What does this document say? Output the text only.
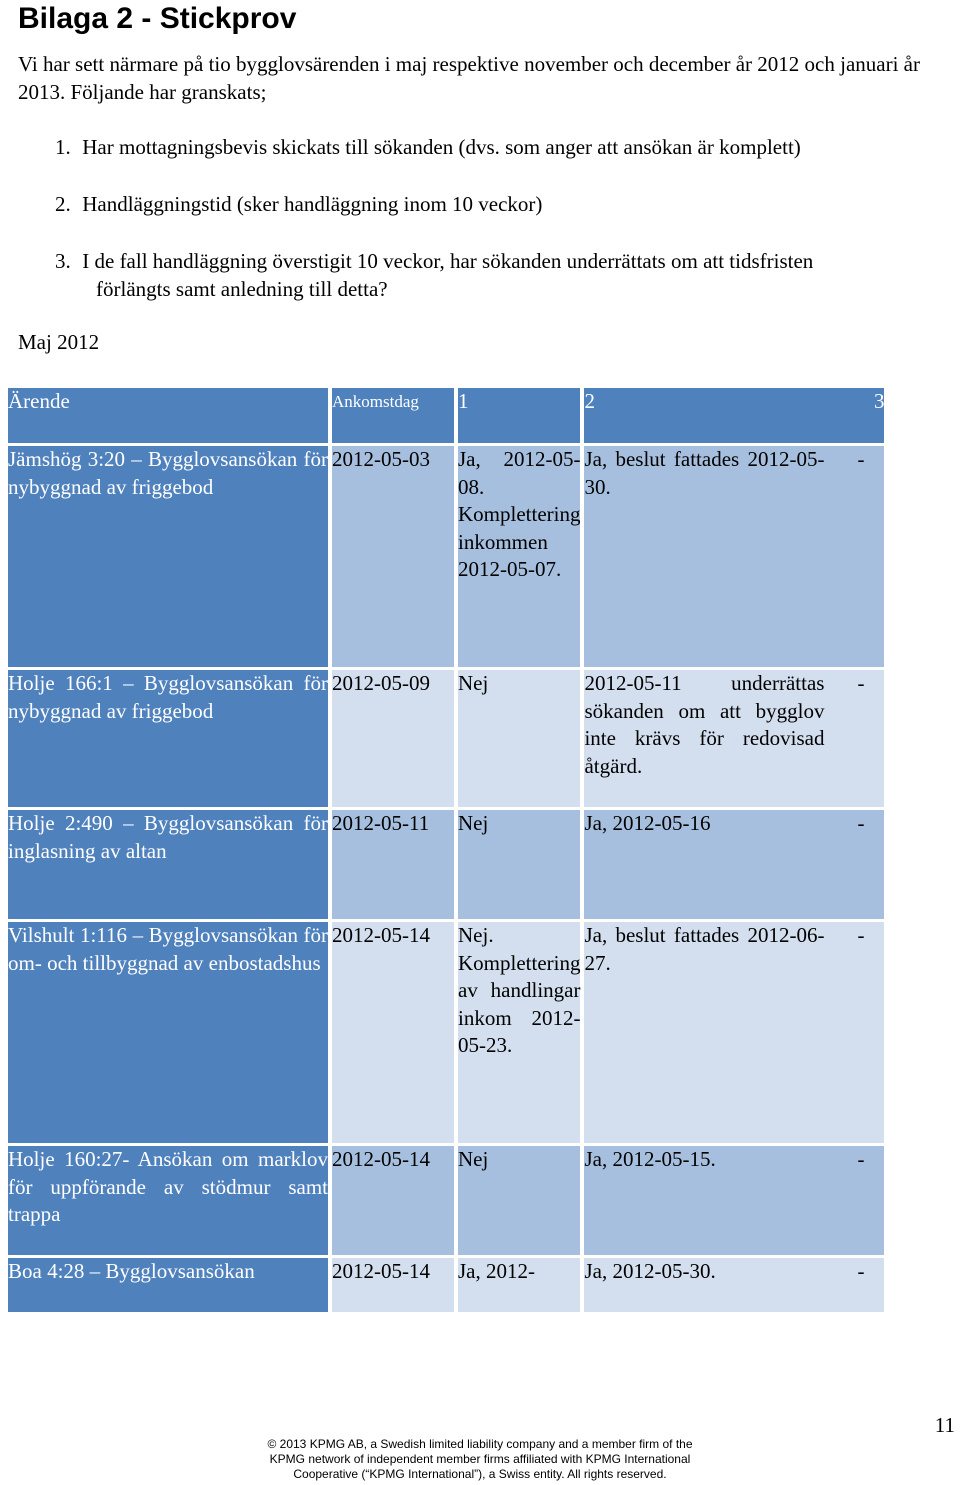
Bilaga 2 - Stickprov

Vi har sett närmare på tio bygglovsärenden i maj respektive november och december år 2012 och januari år 2013. Följande har granskats;

1. Har mottagningsbevis skickats till sökanden (dvs. som anger att ansökan är komplett)

2. Handläggningstid (sker handläggning inom 10 veckor)

3. I de fall handläggning överstigit 10 veckor, har sökanden underrättats om att tidsfristen
förlängts samt anledning till detta?

Maj 2012

Ärende	Ankomstdag	1	2	3
Jämshög 3:20 – Bygglovsansökan för nybyggnad av friggebod	2012-05-03	Ja, 2012-05-08. Komplettering inkommen 2012-05-07.	Ja, beslut fattades 2012-05-30.	-
Holje 166:1 – Bygglovsansökan för nybyggnad av friggebod	2012-05-09	Nej	2012-05-11 underrättas sökanden om att bygglov inte krävs för redovisad åtgärd.	-
Holje 2:490 – Bygglovsansökan för inglasning av altan	2012-05-11	Nej	Ja, 2012-05-16	-
Vilshult 1:116 – Bygglovsansökan för om- och tillbyggnad av enbostadshus	2012-05-14	Nej. Komplettering av handlingar inkom 2012-05-23.	Ja, beslut fattades 2012-06-27.	-
Holje 160:27- Ansökan om marklov för uppförande av stödmur samt trappa	2012-05-14	Nej	Ja, 2012-05-15.	-
Boa 4:28 – Bygglovsansökan	2012-05-14	Ja, 2012-	Ja, 2012-05-30.	-
11
© 2013 KPMG AB, a Swedish limited liability company and a member firm of the
KPMG network of independent member firms affiliated with KPMG International
Cooperative (“KPMG International”), a Swiss entity. All rights reserved.
